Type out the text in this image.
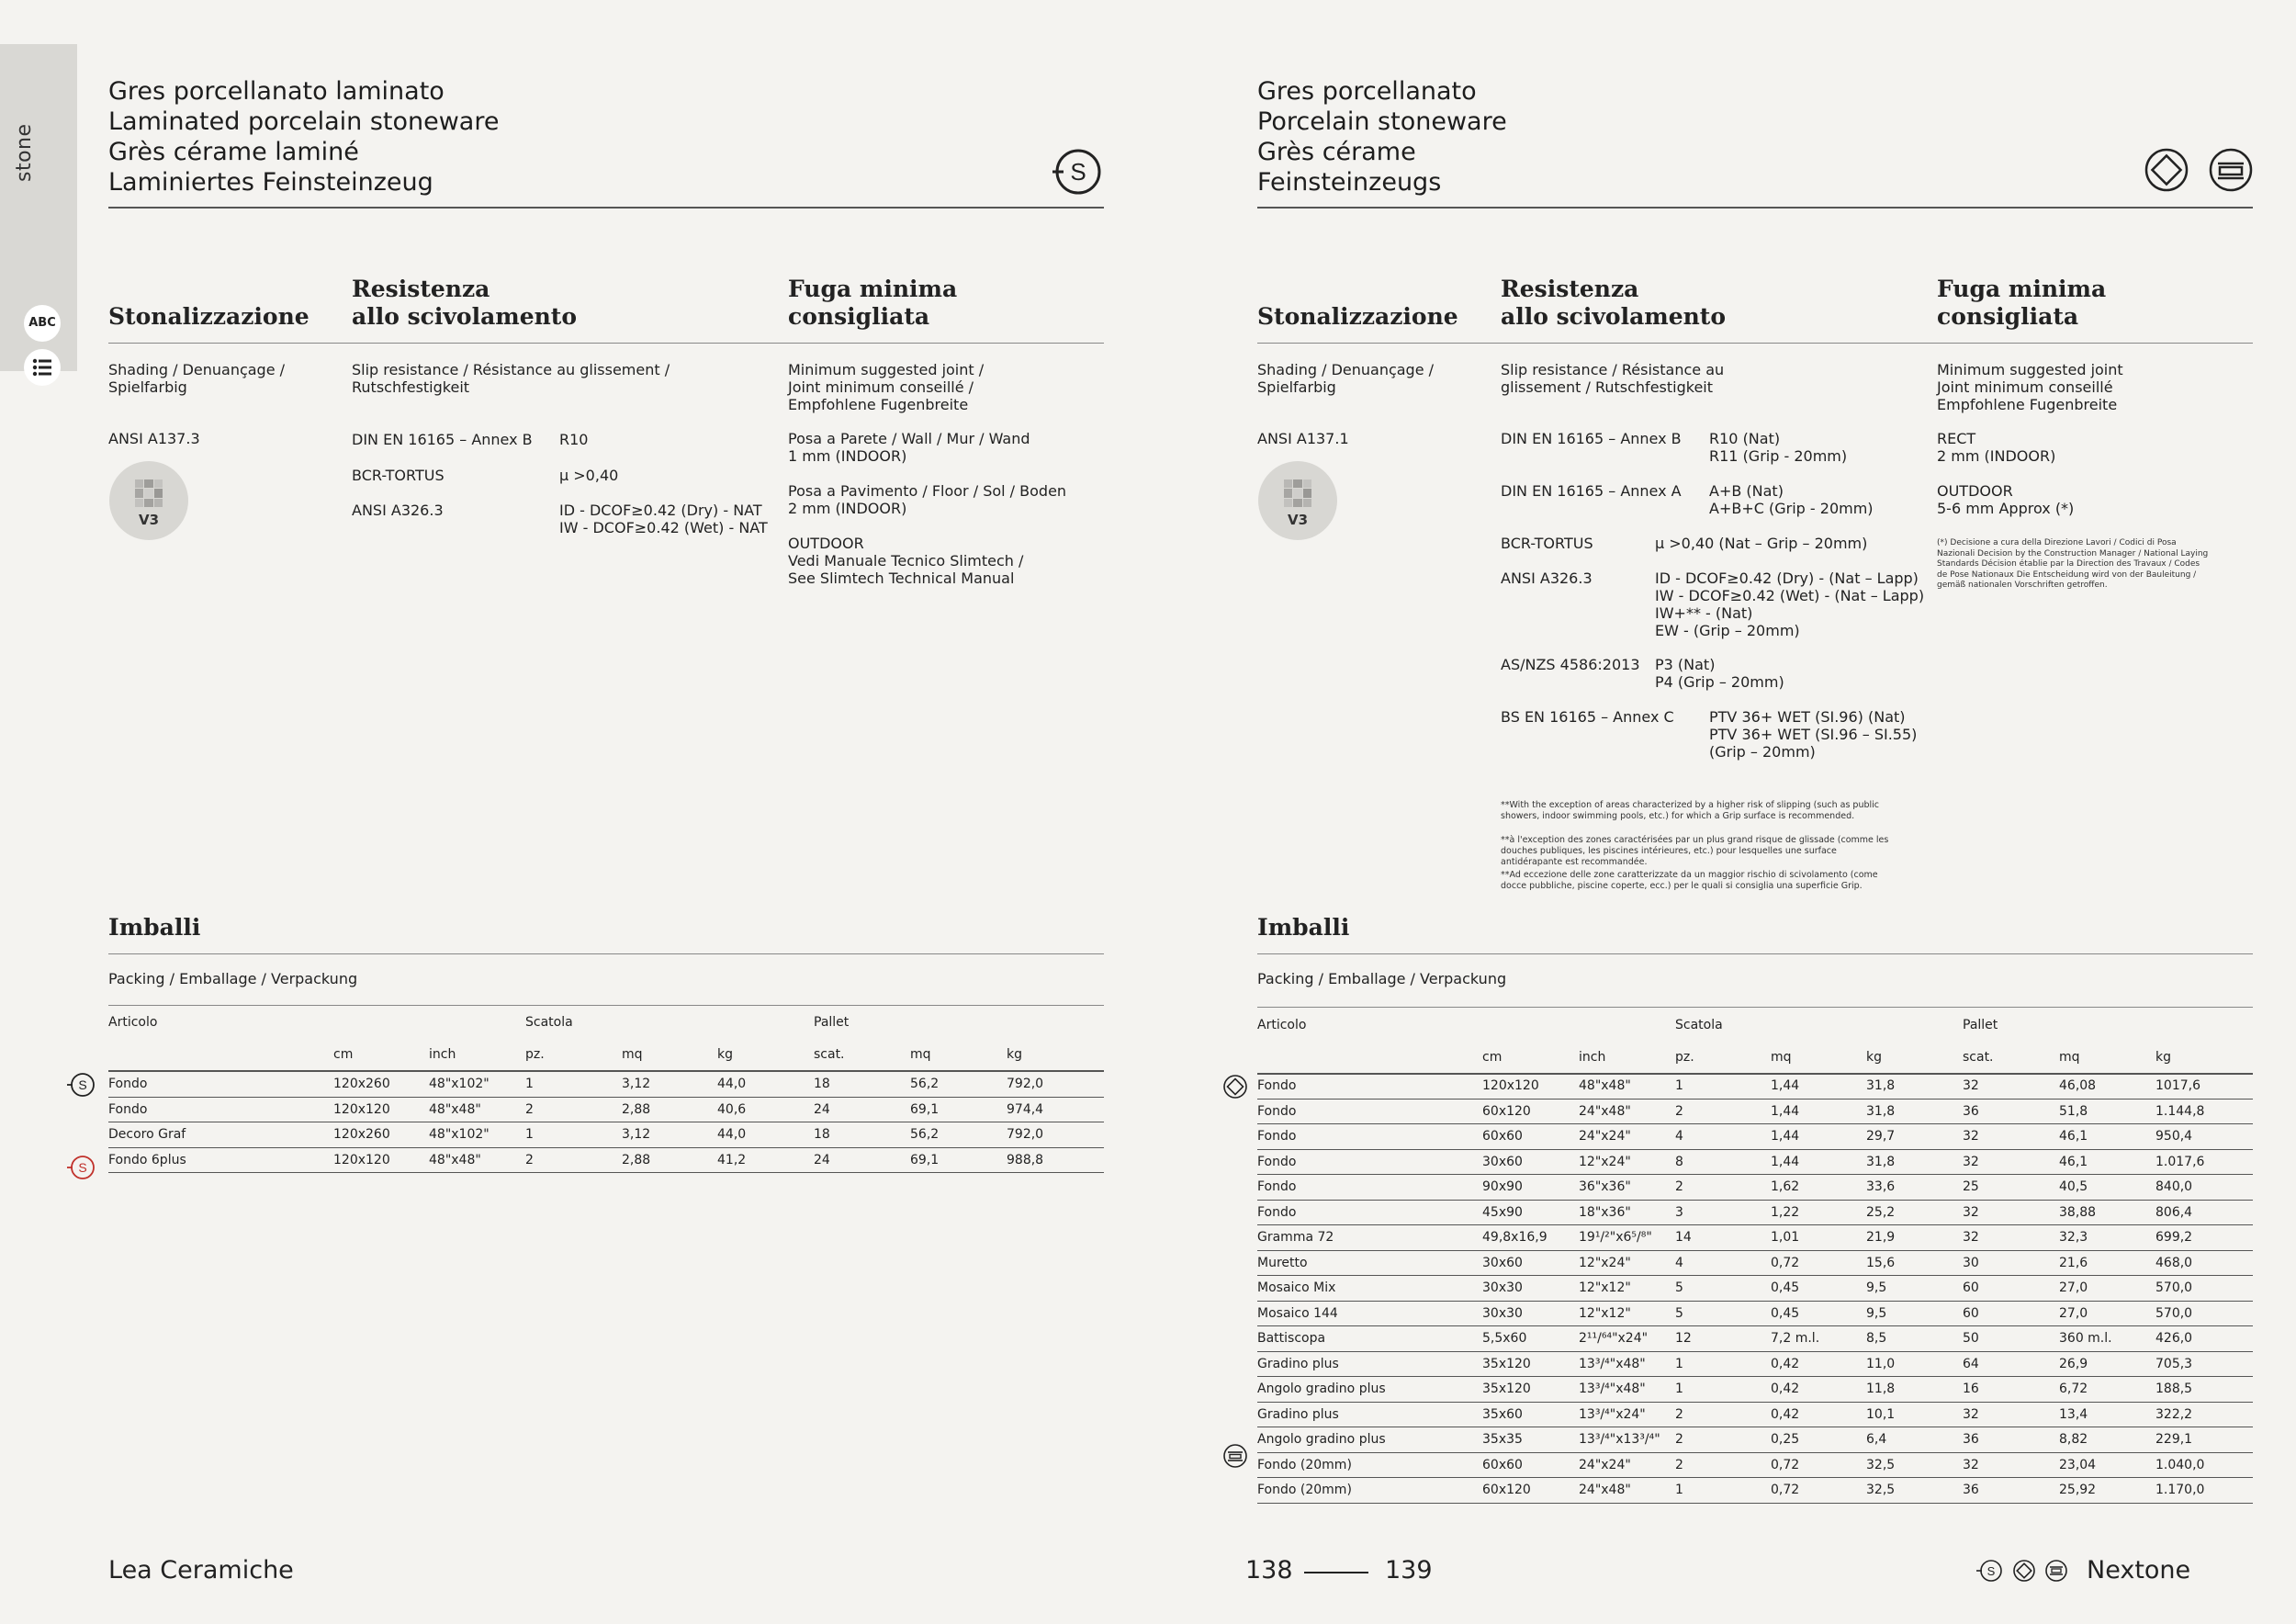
stone
ABC
Gres porcellanato laminato
Laminated porcelain stoneware
Grès cérame laminé
Laminiertes Feinsteinzeug	S
Stonalizzazione
Resistenza
allo scivolamento
Fuga minima
consigliata
Shading / Denuançage /
Spielfarbig
Slip resistance / Résistance au glissement /
Rutschfestigkeit
Minimum suggested joint /
Joint minimum conseillé /
Empfohlene Fugenbreite
ANSI A137.3
V3
DIN EN 16165 – Annex B R10
BCR-TORTUS	μ >0,40
ANSI A326.3	ID - DCOF≥0.42 (Dry) - NAT
IW - DCOF≥0.42 (Wet) - NAT
Posa a Parete / Wall / Mur / Wand
1 mm (INDOOR)
Posa a Pavimento / Floor / Sol / Boden
2 mm (INDOOR)
OUTDOOR
Vedi Manuale Tecnico Slimtech /
See Slimtech Technical Manual
Imballi
Packing / Emballage / Verpackung
Articolo	Scatola	Pallet
cm	inch	pz.	mq	kg	scat.	mq	kg
Fondo	120x260	48"x102"	1	3,12	44,0	18	56,2	792,0
Fondo	120x120	48"x48"	2	2,88	40,6	24	69,1	974,4
Decoro Graf	120x260	48"x102"	1	3,12	44,0	18	56,2	792,0
Fondo 6plus	120x120	48"x48"	2	2,88	41,2	24	69,1	988,8
S
S
Gres porcellanato
Porcelain stoneware
Grès cérame
Feinsteinzeugs
Stonalizzazione
Resistenza
allo scivolamento
Fuga minima
consigliata
Shading / Denuançage /
Spielfarbig
Slip resistance / Résistance au
glissement / Rutschfestigkeit
Minimum suggested joint
Joint minimum conseillé
Empfohlene Fugenbreite
ANSI A137.1
V3
DIN EN 16165 – Annex B R10 (Nat)
R11 (Grip - 20mm)
DIN EN 16165 – Annex A A+B (Nat)
A+B+C (Grip - 20mm)
BCR-TORTUS	μ >0,40 (Nat – Grip – 20mm)
ANSI A326.3	ID - DCOF≥0.42 (Dry) - (Nat – Lapp)
IW - DCOF≥0.42 (Wet) - (Nat – Lapp)
IW+** - (Nat)
EW - (Grip – 20mm)
AS/NZS 4586:2013 P3 (Nat)
P4 (Grip – 20mm)
BS EN 16165 – Annex C PTV 36+ WET (SI.96) (Nat)
PTV 36+ WET (SI.96 – SI.55)
(Grip – 20mm)
**With the exception of areas characterized by a higher risk of slipping (such as public showers, indoor swimming pools, etc.) for which a Grip surface is recommended.
**à l'exception des zones caractérisées par un plus grand risque de glissade (comme les douches publiques, les piscines intérieures, etc.) pour lesquelles une surface antidérapante est recommandée.
**Ad eccezione delle zone caratterizzate da un maggior rischio di scivolamento (come docce pubbliche, piscine coperte, ecc.) per le quali si consiglia una superficie Grip.
RECT
2 mm (INDOOR)
OUTDOOR
5-6 mm Approx (*)
(*) Decisione a cura della Direzione Lavori / Codici di Posa Nazionali Decision by the Construction Manager / National Laying Standards Décision établie par la Direction des Travaux / Codes de Pose Nationaux Die Entscheidung wird von der Bauleitung / gemäß nationalen Vorschriften getroffen.
Imballi
Packing / Emballage / Verpackung
Articolo	Scatola	Pallet
cm	inch	pz.	mq	kg	scat.	mq	kg
Fondo	120x120	48"x48"	1	1,44	31,8	32	46,08	1017,6
Fondo	60x120	24"x48"	2	1,44	31,8	36	51,8	1.144,8
Fondo	60x60	24"x24"	4	1,44	29,7	32	46,1	950,4
Fondo	30x60	12"x24"	8	1,44	31,8	32	46,1	1.017,6
Fondo	90x90	36"x36"	2	1,62	33,6	25	40,5	840,0
Fondo	45x90	18"x36"	3	1,22	25,2	32	38,88	806,4
Gramma 72	49,8x16,9	19¹/²"x6⁵/⁸"	14	1,01	21,9	32	32,3	699,2
Muretto	30x60	12"x24"	4	0,72	15,6	30	21,6	468,0
Mosaico Mix	30x30	12"x12"	5	0,45	9,5	60	27,0	570,0
Mosaico 144	30x30	12"x12"	5	0,45	9,5	60	27,0	570,0
Battiscopa	5,5x60	2¹¹/⁶⁴"x24"	12	7,2 m.l.	8,5	50	360 m.l.	426,0
Gradino plus	35x120	13³/⁴"x48"	1	0,42	11,0	64	26,9	705,3
Angolo gradino plus	35x120	13³/⁴"x48"	1	0,42	11,8	16	6,72	188,5
Gradino plus	35x60	13³/⁴"x24"	2	0,42	10,1	32	13,4	322,2
Angolo gradino plus	35x35	13³/⁴"x13³/⁴"	2	0,25	6,4	36	8,82	229,1
Fondo (20mm)	60x60	24"x24"	2	0,72	32,5	32	23,04	1.040,0
Fondo (20mm)	60x120	24"x48"	1	0,72	32,5	36	25,92	1.170,0
Lea Ceramiche	138	139	S	Nextone
